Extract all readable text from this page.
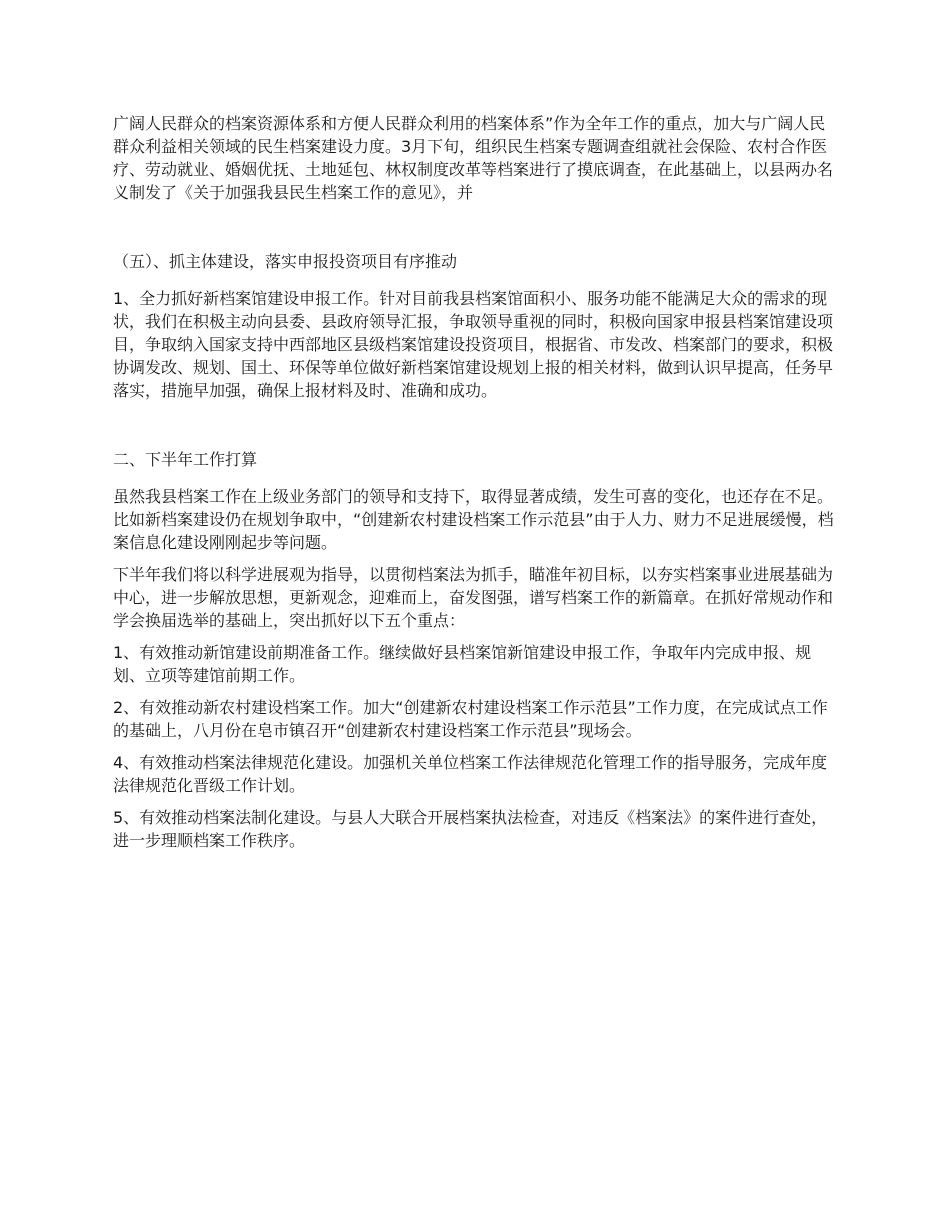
广阔人民群众的档案资源体系和方便人民群众利用的档案体系”作为全年工作的重点，加大与广阔人民群众利益相关领域的民生档案建设力度。3月下旬，组织民生档案专题调查组就社会保险、农村合作医疗、劳动就业、婚姻优抚、土地延包、林权制度改革等档案进行了摸底调查，在此基础上，以县两办名义制发了《关于加强我县民生档案工作的意见》，并

（五）、抓主体建设，落实申报投资项目有序推动

1、全力抓好新档案馆建设申报工作。针对目前我县档案馆面积小、服务功能不能满足大众的需求的现状，我们在积极主动向县委、县政府领导汇报，争取领导重视的同时，积极向国家申报县档案馆建设项目，争取纳入国家支持中西部地区县级档案馆建设投资项目，根据省、市发改、档案部门的要求，积极协调发改、规划、国土、环保等单位做好新档案馆建设规划上报的相关材料，做到认识早提高，任务早落实，措施早加强，确保上报材料及时、准确和成功。

二、下半年工作打算

虽然我县档案工作在上级业务部门的领导和支持下，取得显著成绩，发生可喜的变化，也还存在不足。比如新档案建设仍在规划争取中，“创建新农村建设档案工作示范县”由于人力、财力不足进展缓慢，档案信息化建设刚刚起步等问题。

下半年我们将以科学进展观为指导，以贯彻档案法为抓手，瞄准年初目标，以夯实档案事业进展基础为中心，进一步解放思想，更新观念，迎难而上，奋发图强，谱写档案工作的新篇章。在抓好常规动作和学会换届选举的基础上，突出抓好以下五个重点：

1、有效推动新馆建设前期准备工作。继续做好县档案馆新馆建设申报工作，争取年内完成申报、规划、立项等建馆前期工作。

2、有效推动新农村建设档案工作。加大“创建新农村建设档案工作示范县”工作力度，在完成试点工作的基础上，八月份在皂市镇召开“创建新农村建设档案工作示范县”现场会。

4、有效推动档案法律规范化建设。加强机关单位档案工作法律规范化管理工作的指导服务，完成年度法律规范化晋级工作计划。

5、有效推动档案法制化建设。与县人大联合开展档案执法检查，对违反《档案法》的案件进行查处，进一步理顺档案工作秩序。
